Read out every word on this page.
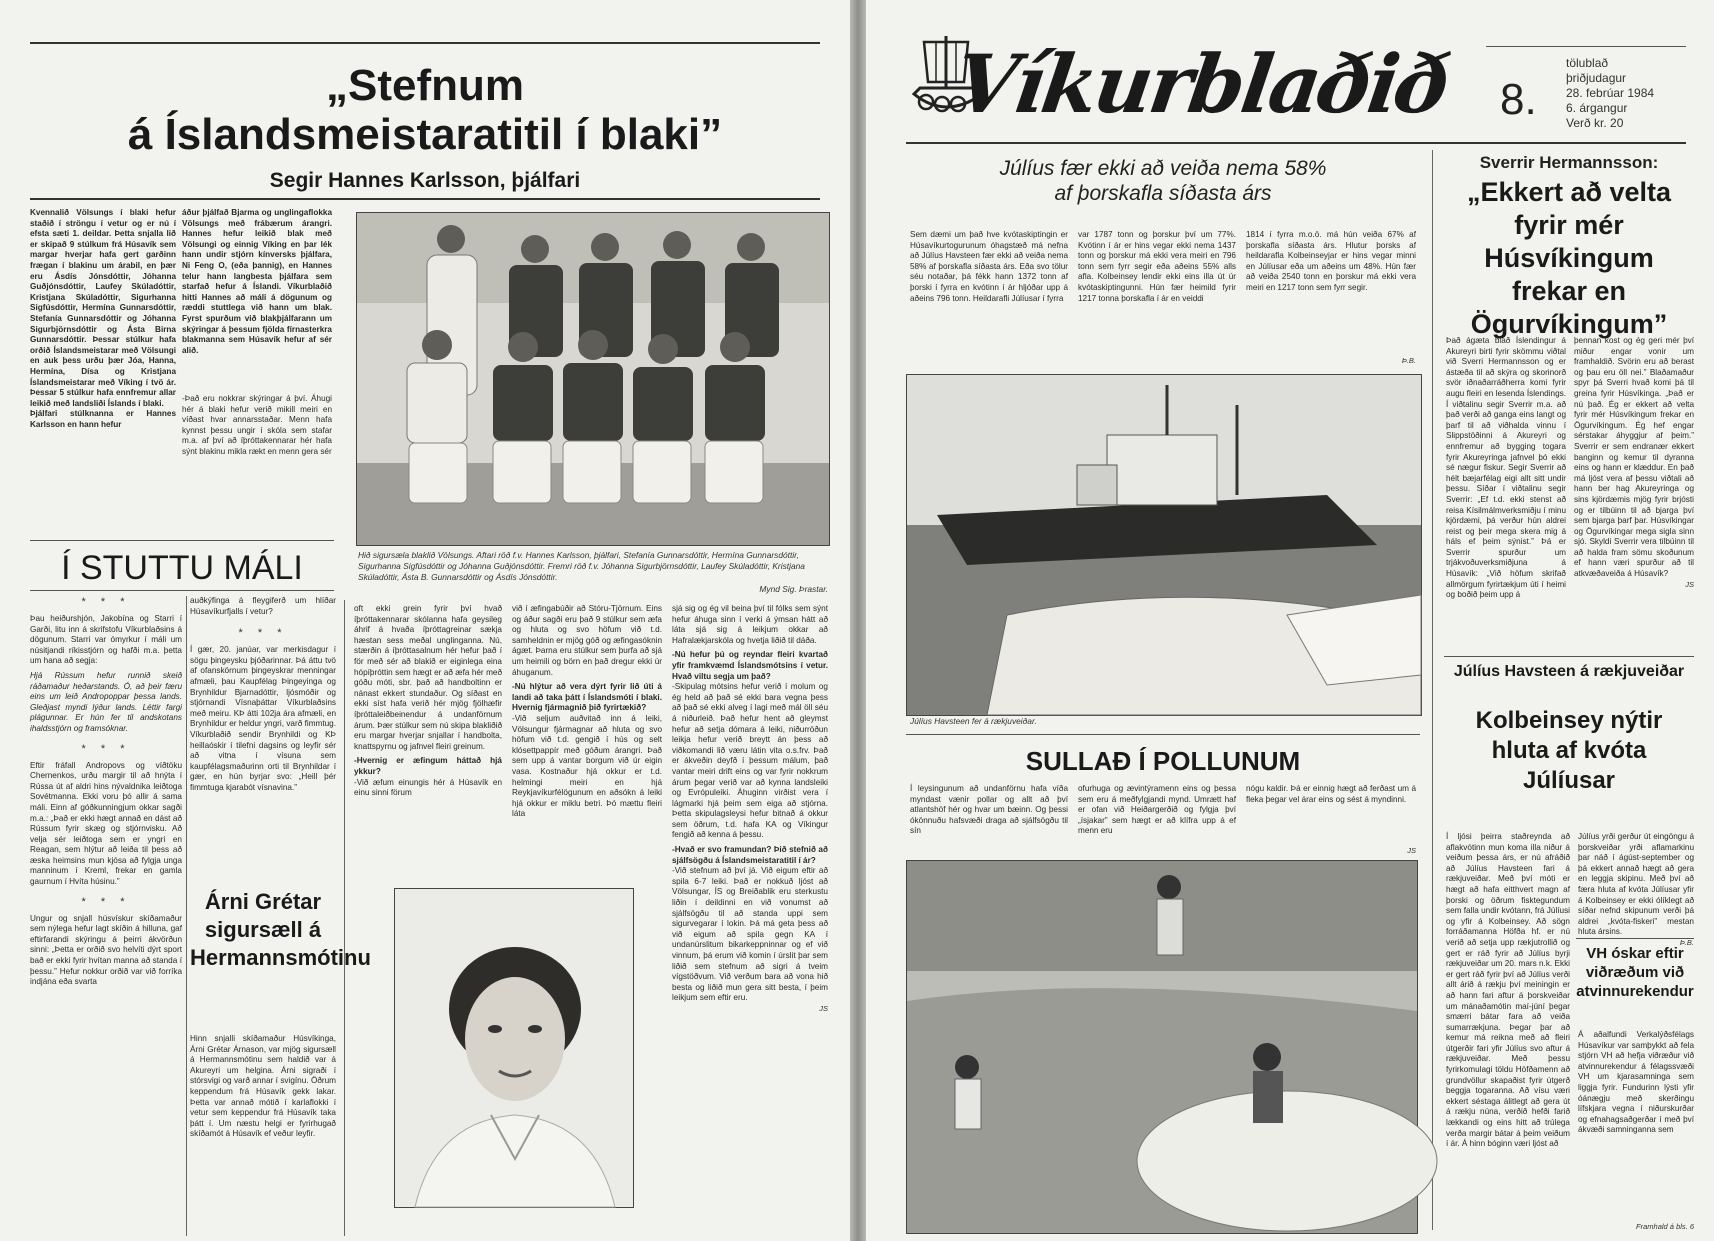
„Stefnum
á Íslandsmeistaratitil í blaki”
Segir Hannes Karlsson, þjálfari
Kvennalið Völsungs í blaki hefur staðið í ströngu í vetur og er nú í efsta sæti 1. deildar. Þetta snjalla lið er skipað 9 stúlkum frá Húsavík sem margar hverjar hafa gert garðinn frægan í blakinu um árabil, en þær eru Ásdís Jónsdóttir, Jóhanna Guðjónsdóttir, Laufey Skúladóttir, Kristjana Skúladóttir, Sigurhanna Sigfúsdóttir, Hermína Gunnarsdóttir, Stefanía Gunnarsdóttir og Jóhanna Sigurbjörnsdóttir og Ásta Birna Gunnarsdóttir. Þessar stúlkur hafa orðið Íslandsmeistarar með Völsungi en auk þess urðu þær Jóa, Hanna, Hermína, Dísa og Kristjana Íslandsmeistarar með Víking í tvö ár. Þessar 5 stúlkur hafa ennfremur allar leikið með landsliði Íslands í blaki.
Þjálfari stúlknanna er Hannes Karlsson en hann hefur
áður þjálfað Bjarma og unglingaflokka Völsungs með frábærum árangri. Hannes hefur leikið blak með Völsungi og einnig Víking en þar lék hann undir stjórn kínversks þjálfara, Ni Feng O, (eða þannig), en Hannes telur hann langbesta þjálfara sem starfað hefur á Íslandi. Víkurblaðið hitti Hannes að máli á dögunum og ræddi stuttlega við hann um blak. Fyrst spurðum við blakþjálfarann um skýringar á þessum fjölda fírnasterkra blakmanna sem Húsavík hefur af sér alið.
-Það eru nokkrar skýringar á því. Áhugi hér á blaki hefur verið mikill meiri en víðast hvar annarsstaðar. Menn hafa kynnst þessu ungir í skóla sem stafar m.a. af því að íþróttakennarar hér hafa sýnt blakinu mikla rækt en menn gera sér
Hið sigursæla blaklið Völsungs. Aftari röð f.v. Hannes Karlsson, þjálfari, Stefanía Gunnarsdóttir, Hermína Gunnarsdóttir, Sigurhanna Sigfúsdóttir og Jóhanna Guðjónsdóttir. Fremri röð f.v. Jóhanna Sigurbjörnsdóttir, Laufey Skúladóttir, Kristjana Skúladóttir, Ásta B. Gunnarsdóttir og Ásdís Jónsdóttir.
Mynd Sig. Þrastar.
Í STUTTU MÁLI
* * *
Þau heiðurshjón, Jakobína og Starri í Garði, litu inn á skrifstofu Víkurblaðsins á dögunum. Starri var ómyrkur í máli um núsitjandi ríkisstjórn og hafði m.a. þetta um hana að segja:
Hjá Rússum hefur runnið skeið ráðamaður heðarstands. Ó, að þeir færu eins um leið Andropoppar þessa lands. Gleðjast myndi lýður lands. Léttir fargi plágunnar. Er hún fer til andskotans ihaldsstjórn og framsóknar.
* * *
Eftir fráfall Andropovs og víðtöku Chernenkos, urðu margir til að hnýta í Rússa út af aldri hins nývaldnika leiðtoga Sovétmanna. Ekki voru þó allir á sama máli. Einn af góðkunningjum okkar sagði m.a.: „Það er ekki hægt annað en dást að Rússum fyrir skæg og stjórnvisku. Að velja sér leiðtoga sem er yngri en Reagan, sem hlýtur að leiða til þess að æska heimsins mun kjósa að fylgja unga manninum í Kreml, frekar en gamla gaurnum í Hvíta húsinu.”
* * *
Ungur og snjall húsvískur skíðamaður sem nýlega hefur lagt skíðin á hilluna, gaf eftirfarandi skýringu á þeirri ákvörðun sinni: „Þetta er orðið svo helvíti dýrt sport bað er ekki fyrir hvítan manna að standa í þessu.” Hefur nokkur orðið var við forríka indjána eða svarta
auðkýfinga á fleygiferð um hlíðar Húsavíkurfjalls í vetur?
* * *
Í gær, 20. janúar, var merkisdagur í sögu þingeysku þjóðarinnar. Þá áttu tvö af ofanskörnum þingeyskrar menningar afmæli, þau Kaupfélag Þingeyinga og Brynhildur Bjarnadóttir, ljósmóðir og stjórnandi Vísnaþáttar Víkurblaðsins með meiru. KÞ átti 102ja ára afmæli, en Brynhildur er heldur yngri, varð fimmtug. Víkurblaðið sendir Brynhildi og KÞ heillaóskir í tilefni dagsins og leyfir sér að vitna í vísuna sem kaupfélagsmaðurinn orti til Brynhildar í gær, en hún byrjar svo: „Heill þér fimmtuga kjarabót vísnavina.”
Árni Grétar sigursæll á Hermannsmótinu
Hinn snjalli skíðamaður Húsvíkinga, Árni Grétar Árnason, var mjög sigursæll á Hermannsmótinu sem haldið var á Akureyri um helgina. Árni sigraði í stórsvigi og varð annar í svigínu. Öðrum keppendum frá Húsavík gekk lakar. Þetta var annað mótið í karlaflokki í vetur sem keppendur frá Húsavík taka þátt í. Um næstu helgi er fyrirhugað skíðamót á Húsavík ef veður leyfir.
oft ekki grein fyrir því hvað íþróttakennarar skólanna hafa geysileg áhrif á hvaða íþróttagreinar sækja hæstan sess meðal unglinganna. Nú, stærðin á íþróttasalnum hér hefur það í för með sér að blakið er eiginlega eina hópíþróttin sem hægt er að æfa hér með góðu móti, sbr. það að handboltinn er nánast ekkert stundaður. Og síðast en ekki síst hafa verið hér mjög fjölhæfir íþróttaleiðbeinendur á undanförnum árum. Þær stúlkur sem nú skipa blakliðið eru margar hverjar snjallar í handbolta, knattspyrnu og jafnvel fleiri greinum.
-Hvernig er æfingum háttað hjá ykkur?
-Við æfum einungis hér á Húsavík en einu sinni förum
við í æfingabúðir að Stóru-Tjörnum. Eins og áður sagði eru það 9 stúlkur sem æfa og hluta og svo höfum við t.d. samheldnin er mjög góð og æfingasóknin ágæt. Þarna eru stúlkur sem þurfa að sjá um heimili og börn en það dregur ekki úr áhuganum.
-Nú hlýtur að vera dýrt fyrir lið úti á landi að taka þátt í Íslandsmóti í blaki. Hvernig fjármagnið þið fyrirtækið?
-Við seljum auðvitað inn á leiki, Völsungur fjármagnar að hluta og svo höfum við t.d. gengið í hús og selt klósettpappír með góðum árangri. Það sem upp á vantar borgum við úr eigin vasa. Kostnaður hjá okkur er t.d. helmingi meiri en hjá Reykjavíkurfélögunum en aðsókn á leiki hjá okkur er miklu betri. Þó mættu fleiri láta
sjá sig og ég vil beina því til fólks sem sýnt hefur áhuga sinn í verki á ýmsan hátt að láta sjá sig á leikjum okkar að Hafralækjarskóla og hvetja liðið til dáða.
-Nú hefur þú og reyndar fleiri kvartað yfir framkvæmd Íslandsmótsins í vetur. Hvað viltu segja um það?
-Skipulag mótsins hefur verið í molum og ég held að það sé ekki bara vegna þess að það sé ekki alveg í lagi með mál öll séu á niðurleið. Það hefur hent að gleymst hefur að setja dómara á leiki, niðurröðun leikja hefur verið breytt án þess að viðkomandi lið væru látin vita o.s.frv. Það er ákveðin deyfð í þessum málum, það vantar meiri drift eins og var fyrir nokkrum árum þegar verið var að kynna landsleiki og Evrópuleiki. Áhuginn virðist vera í lágmarki hjá þeim sem eiga að stjórna. Þetta skipulagsleysi hefur bitnað á okkur sem öðrum, t.d. hafa KA og Víkingur fengið að kenna á þessu.
-Hvað er svo framundan? Þið stefnið að sjálfsögðu á Íslandsmeistaratitil í ár?
-Við stefnum að því já. Við eigum eftir að spila 6-7 leiki. Það er nokkuð ljóst að Völsungar, ÍS og Breiðablik eru sterkustu liðin í deildinni en við vonumst að sjálfsögðu til að standa uppi sem sigurvegarar í lokin. Þá má geta þess að við eigum að spila gegn KA í undanúrslitum bikarkeppninnar og ef við vinnum, þá erum við komin í úrslit þar sem liðið sem stefnum að sigri á tveim vígstöðvum. Við verðum bara að vona hið besta og liðið mun gera sitt besta, í þeim leikjum sem eftir eru.
JS
Víkurblaðið 8.
tölublað
þriðjudagur
28. febrúar 1984
6. árgangur
Verð kr. 20
Júlíus fær ekki að veiða nema 58%
af þorskafla síðasta árs
Sem dæmi um það hve kvótaskiptingin er Húsavíkurtogurunum óhagstæð má nefna að Júlíus Havsteen fær ekki að veiða nema 58% af þorskafla síðasta árs. Eða svo tölur séu notaðar, þá fékk hann 1372 tonn af þorski í fyrra en kvótinn í ár hljóðar upp á aðeins 796 tonn. Heildarafli Júlíusar í fyrra
var 1787 tonn og þorskur því um 77%. Kvótinn í ár er hins vegar ekki nema 1437 tonn og þorskur má ekki vera meiri en 796 tonn sem fyrr segir eða aðeins 55% alls afla. Kolbeinsey lendir ekki eins illa út úr kvótaskiptingunni. Hún fær heimild fyrir 1217 tonna þorskafla í ár en veiddi
1814 í fyrra m.o.ö. má hún veiða 67% af þorskafla síðasta árs. Hlutur þorsks af heildarafla Kolbeinseyjar er hins vegar minni en Júlíusar eða um aðeins um 48%. Hún fær að veiða 2540 tonn en þorskur má ekki vera meiri en 1217 tonn sem fyrr segir.
Þ.B.
Júlíus Havsteen fer á rækjuveiðar.
SULLAÐ Í POLLUNUM
Í leysingunum að undanförnu hafa víða myndast vænir pollar og allt að því atlantshöf hér og hvar um bæinn. Og þessi ókönnuðu hafsvæði draga að sjálfsögðu til sín
ofurhuga og ævintýramenn eins og þessa sem eru á meðfylgjandi mynd. Umrætt haf er ofan við Heiðargerðið og fylgja því „ísjakar” sem hægt er að klífra upp á ef menn eru
nógu kaldir. Þá er einnig hægt að ferðast um á fleka þegar vel árar eins og sést á myndinni.
JS
Sverrir Hermannsson:
„Ekkert að velta fyrir mér Húsvíkingum frekar en Ögurvíkingum”
Það ágæta blað Íslendingur á Akureyri birti fyrir skömmu viðtal við Sverri Hermannsson og er ástæða til að skýra og skorinorð svör iðnaðarráðherra komi fyrir augu fleiri en lesenda Íslendings. Í viðtalinu segir Sverrir m.a. að það verði að ganga eins langt og þarf til að viðhalda vinnu í Slippstöðinni á Akureyri og ennfremur að bygging togara fyrir Akureyringa jafnvel þó ekki sé nægur fiskur. Segir Sverrir að hélt bæjarfélag eigi allt sitt undir þessu. Síðar í viðtalinu segir Sverrir: „Ef t.d. ekki stenst að reisa Kísilmálmverksmiðju í minu kjördæmi, þá verður hún aldrei reist og þeir mega skera mig á háls ef þeim sýnist.” Þá er Sverrir spurður um trjákvoðuverksmiðjuna á Húsavík: „Við höfum skrifað allmörgum fyrirtækjum úti í heimi og boðið þeim upp á
þennan kost og ég geri mér því miður engar vonir um framhaldið. Svörin eru að berast og þau eru öll nei.” Blaðamaður spyr þá Sverri hvað komi þá til greina fyrir Húsvíkinga. „Það er nú það. Ég er ekkert að velta fyrir mér Húsvíkingum frekar en Ögurvíkingum. Ég hef engar sérstakar áhyggjur af þeim.” Sverrir er sem endranær ekkert banginn og kemur til dyranna eins og hann er klæddur. En það má ljóst vera af þessu viðtali að hann ber hag Akureyringa og sins kjördæmis mjög fyrir brjósti og er tilbúinn til að bjarga því sem bjarga þarf þar. Húsvíkingar og Ögurvíkingar mega sigla sinn sjó. Skyldi Sverrir vera tilbúinn til að halda fram sömu skoðunum ef hann væri spurður að til atkvæðaveiða á Húsavík?
JS
Júlíus Havsteen á rækjuveiðar
Kolbeinsey nýtir hluta af kvóta Júlíusar
Í ljósi þeirra staðreynda að aflakvótinn mun koma illa niður á veiðum þessa árs, er nú afráðið að Júlíus Havsteen fari á rækjuveiðar. Með því móti er hægt að hafa eitthvert magn af þorski og öðrum fisktegundum sem falla undir kvótann, frá Júlíusi og yfir á Kolbeinsey. Að sögn forráðamanna Höfða hf. er nú verið að setja upp rækjutrollið og gert er ráð fyrir að Júlíus byrji rækjuveiðar um 20. mars n.k. Ekki er gert ráð fyrir því að Júlíus verði allt árið á rækju því meiningin er að hann fari aftur á þorskveiðar um mánaðamótin maí-júní þegar smærri bátar fara að veiða sumarrækjuna. Þegar þar að kemur má reikna með að fleiri útgerðir fari yfir Júlíus svo aftur á rækjuveiðar. Með þessu fyrirkomulagi töldu Höfðamenn að grundvöllur skapaðist fyrir útgerð beggja togaranna. Að vísu væri ekkert séstaga álitlegt að gera út á rækju núna, verðið hefði farið lækkandi og eins hitt að trúlega verða margir bátar á þeim veiðum í ár. Á hinn bóginn væri ljóst að
Júlíus yrði gerður út eingöngu á þorskveiðar yrði aflamarkinu þar náð í ágúst-september og þá ekkert annað hægt að gera en leggja skipinu. Með því að færa hluta af kvóta Júlíusar yfir á Kolbeinsey er ekki ólíklegt að síðar nefnd skipunum verði þá aldrei „kvóta-fiskeri” mestan hluta ársins.
Þ.B.
VH óskar eftir viðræðum við atvinnurekendur
Á aðalfundi Verkalýðsfélags Húsavíkur var samþykkt að fela stjórn VH að hefja viðræður við atvinnurekendur á félagssvæði VH um kjarasamninga sem liggja fyrir. Fundurinn lýsti yfir óánægju með skerðingu lífskjara vegna í niðurskurðar og efnahagsaðgerðar í með því ákvæði samninganna sem
Framhald á bls. 6
